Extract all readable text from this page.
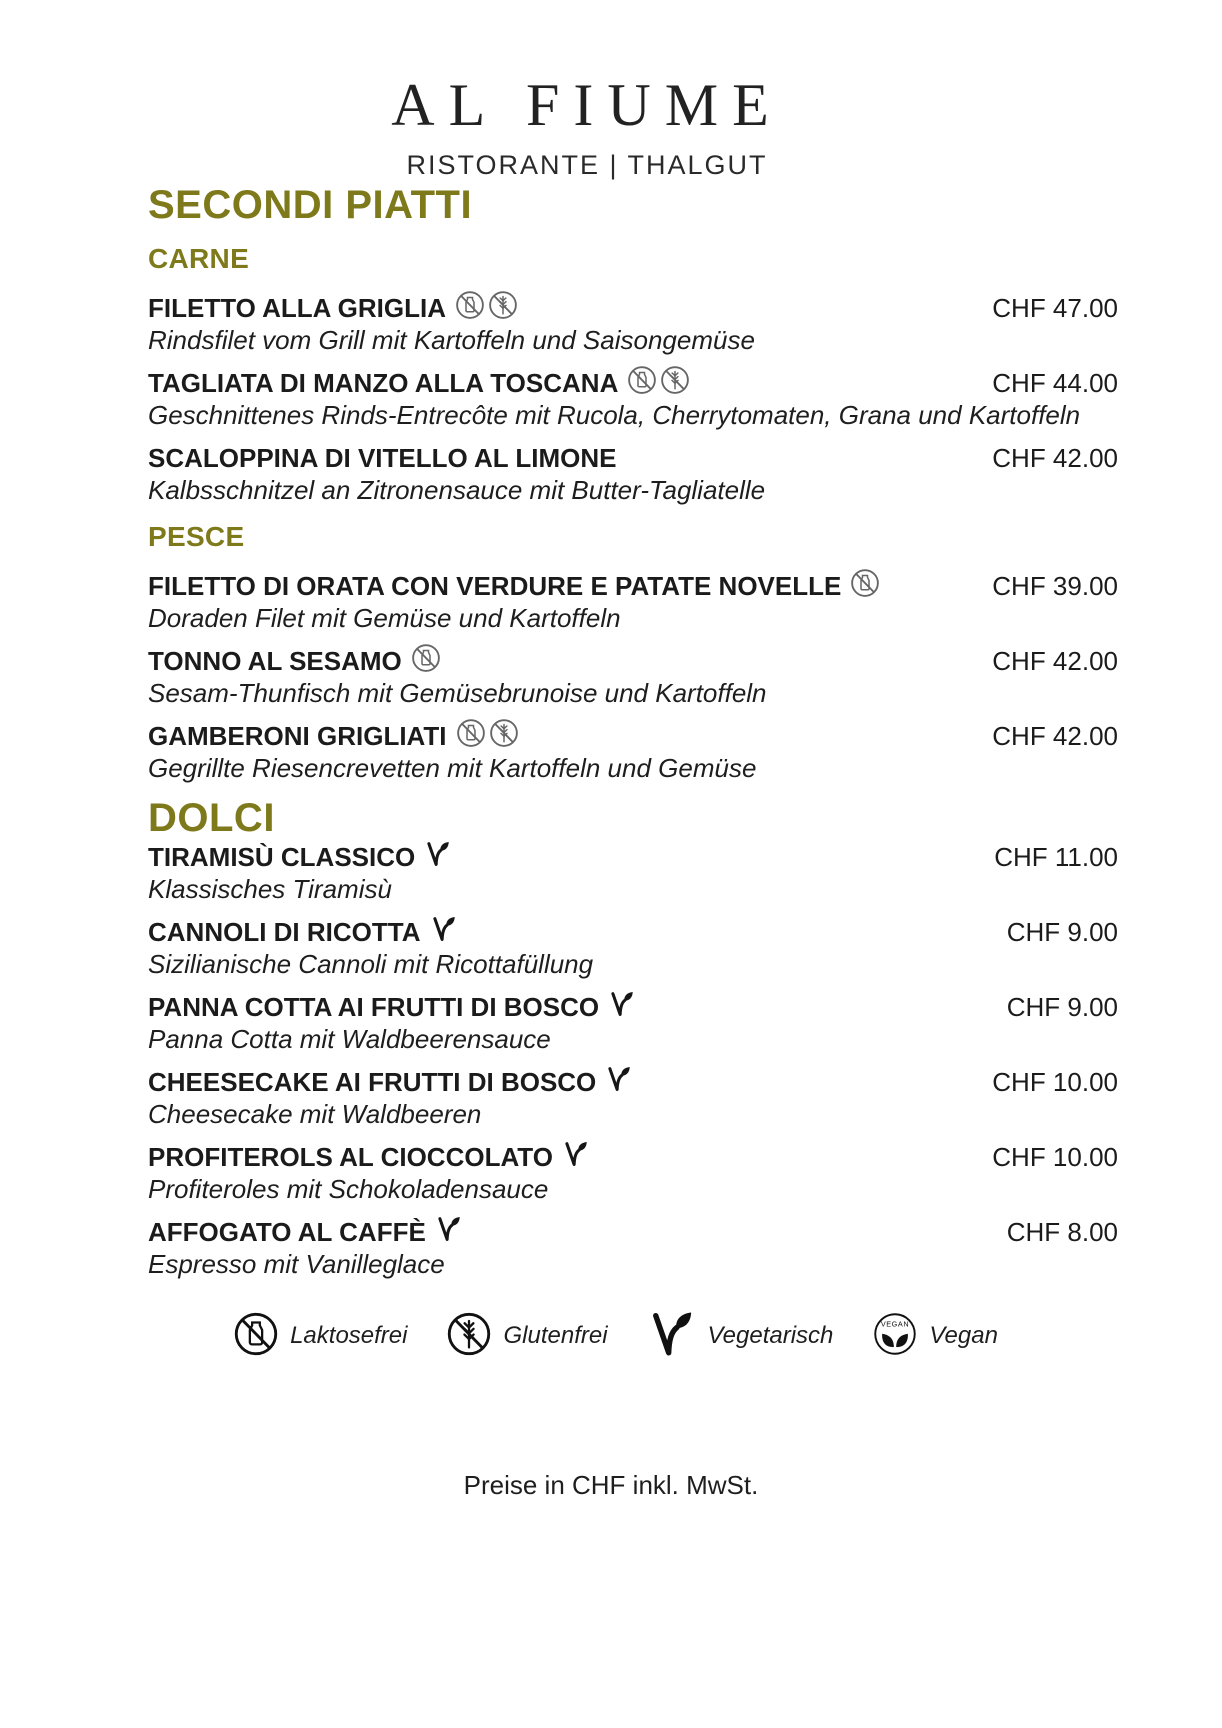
AL FIUME
RISTORANTE | THALGUT
SECONDI PIATTI
CARNE
FILETTO ALLA GRIGLIA	CHF 47.00
Rindsfilet vom Grill mit Kartoffeln und Saisongemüse
TAGLIATA DI MANZO ALLA TOSCANA	CHF 44.00
Geschnittenes Rinds-Entrecôte mit Rucola, Cherrytomaten, Grana und Kartoffeln
SCALOPPINA DI VITELLO AL LIMONE	CHF 42.00
Kalbsschnitzel an Zitronensauce mit Butter-Tagliatelle
PESCE
FILETTO DI ORATA CON VERDURE E PATATE NOVELLE	CHF 39.00
Doraden Filet mit Gemüse und Kartoffeln
TONNO AL SESAMO	CHF 42.00
Sesam-Thunfisch mit Gemüsebrunoise und Kartoffeln
GAMBERONI GRIGLIATI	CHF 42.00
Gegrillte Riesencrevetten mit Kartoffeln und Gemüse
DOLCI
TIRAMISÙ CLASSICO	CHF 11.00
Klassisches Tiramisù
CANNOLI DI RICOTTA	CHF 9.00
Sizilianische Cannoli mit Ricottafüllung
PANNA COTTA AI FRUTTI DI BOSCO	CHF 9.00
Panna Cotta mit Waldbeerensauce
CHEESECAKE AI FRUTTI DI BOSCO	CHF 10.00
Cheesecake mit Waldbeeren
PROFITEROLS AL CIOCCOLATO	CHF 10.00
Profiteroles mit Schokoladensauce
AFFOGATO AL CAFFÈ	CHF 8.00
Espresso mit Vanilleglace
Laktosefrei	Glutenfrei	Vegetarisch	Vegan
Preise in CHF inkl. MwSt.
